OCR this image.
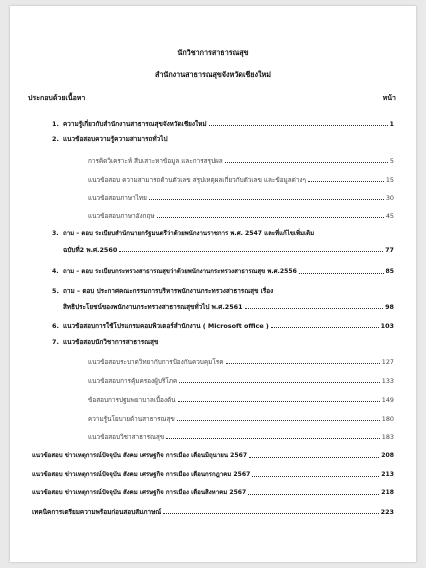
นักวิชาการสาธารณสุข
สำนักงานสาธารณสุขจังหวัดเชียงใหม่
ประกอบด้วยเนื้อหา	หน้า
1. ความรู้เกี่ยวกับสำนักงานสาธารณสุขจังหวัดเชียงใหม่	1
2. แนวข้อสอบความรู้ความสามารถทั่วไป
การคิดวิเคราะห์ สืบเสาะหาข้อมูล และการสรุปผล	5
แนวข้อสอบ ความสามารถด้านตัวเลข สรุปเหตุผลเกี่ยวกับตัวเลข และข้อมูลต่างๆ	15
แนวข้อสอบภาษาไทย	30
แนวข้อสอบภาษาอังกฤษ	45
3. ถาม – ตอบ ระเบียบสำนักนายกรัฐมนตรีว่าด้วยพนักงานราชการ พ.ศ. 2547 และที่แก้ไขเพิ่มเติม
ฉบับที่2 พ.ศ.2560	77
4. ถาม – ตอบ ระเบียบกระทรวงสาธารณสุขว่าด้วยพนักงานกระทรวงสาธารณสุข พ.ศ.2556	85
5. ถาม – ตอบ ประกาศคณะกรรมการบริหารพนักงานกระทรวงสาธารณสุข เรื่อง
สิทธิประโยชน์ของพนักงานกระทรวงสาธารณสุขทั่วไป พ.ศ.2561	98
6. แนวข้อสอบการใช้โปรแกรมคอมพิวเตอร์สำนักงาน ( Microsoft office )	103
7. แนวข้อสอบนักวิชาการสาธารณสุข
แนวข้อสอบระบาดวิทยากับการป้องกันควบคุมโรค	127
แนวข้อสอบการคุ้มครองผู้บริโภค	133
ข้อสอบการปฐมพยาบาลเบื้องต้น	149
ความรู้นโยบายด้านสาธารณสุข	180
แนวข้อสอบวิชาสาธารณสุข	183
แนวข้อสอบ ข่าวเหตุการณ์ปัจจุบัน สังคม เศรษฐกิจ การเมือง เดือนมิถุนายน 2567	208
แนวข้อสอบ ข่าวเหตุการณ์ปัจจุบัน สังคม เศรษฐกิจ การเมือง เดือนกรกฎาคม 2567	213
แนวข้อสอบ ข่าวเหตุการณ์ปัจจุบัน สังคม เศรษฐกิจ การเมือง เดือนสิงหาคม 2567	218
เทคนิคการเตรียมความพร้อมก่อนสอบสัมภาษณ์	223
